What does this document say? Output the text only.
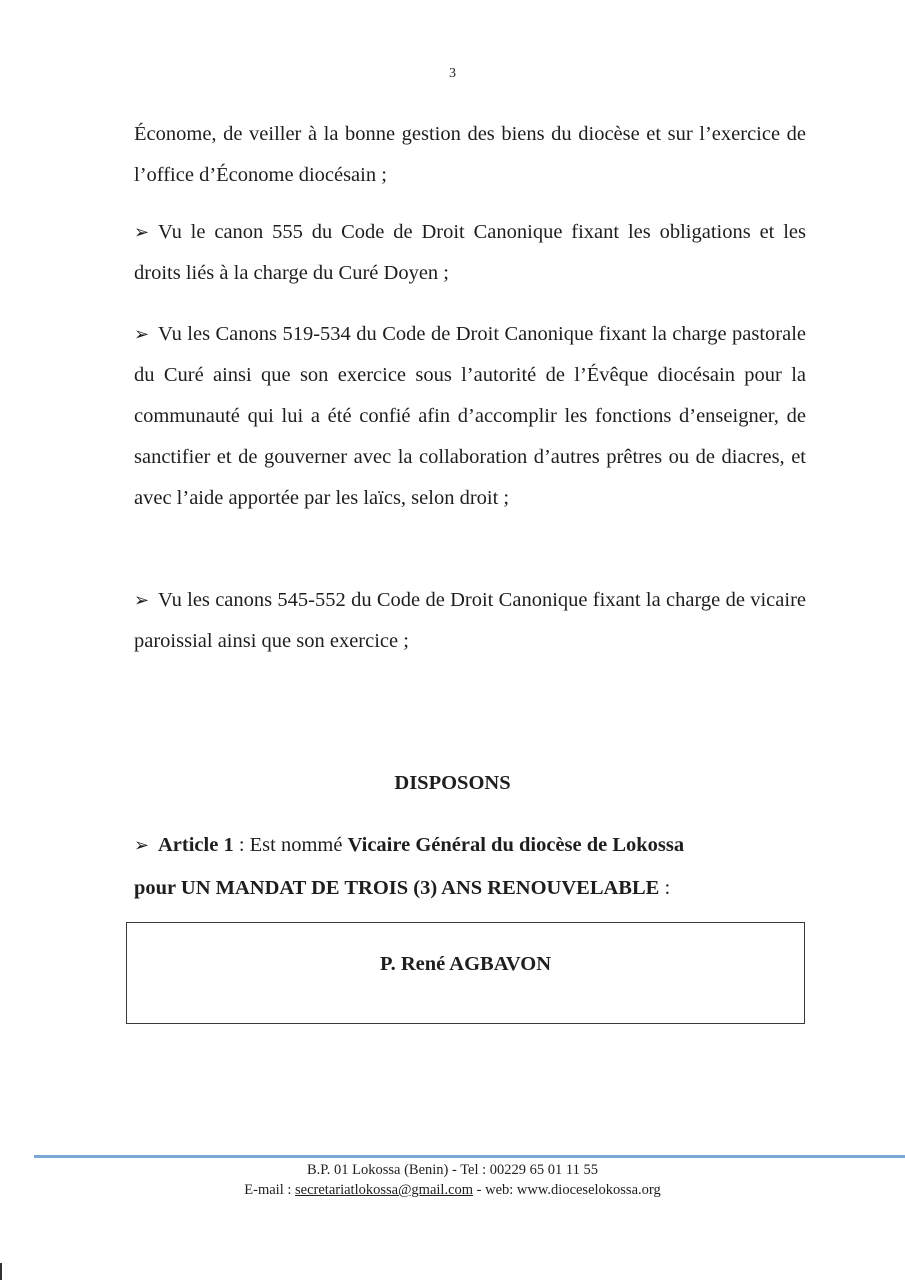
3

Économe, de veiller à la bonne gestion des biens du diocèse et sur l’exercice de l’office d’Économe diocésain ;

➢ Vu le canon 555 du Code de Droit Canonique fixant les obligations et les droits liés à la charge du Curé Doyen ;

➢ Vu les Canons 519-534 du Code de Droit Canonique fixant la charge pastorale du Curé ainsi que son exercice sous l’autorité de l’Évêque diocésain pour la communauté qui lui a été confié afin d’accomplir les fonctions d’enseigner, de sanctifier et de gouverner avec la collaboration d’autres prêtres ou de diacres, et avec l’aide apportée par les laïcs, selon droit ;

➢ Vu les canons 545-552 du Code de Droit Canonique fixant la charge de vicaire paroissial ainsi que son exercice ;

DISPOSONS

➢ Article 1 : Est nommé Vicaire Général du diocèse de Lokossa
pour UN MANDAT DE TROIS (3) ANS RENOUVELABLE :

P. René AGBAVON
B.P. 01 Lokossa (Benin) - Tel : 00229 65 01 11 55
E-mail : secretariatlokossa@gmail.com - web: www.dioceselokossa.org
